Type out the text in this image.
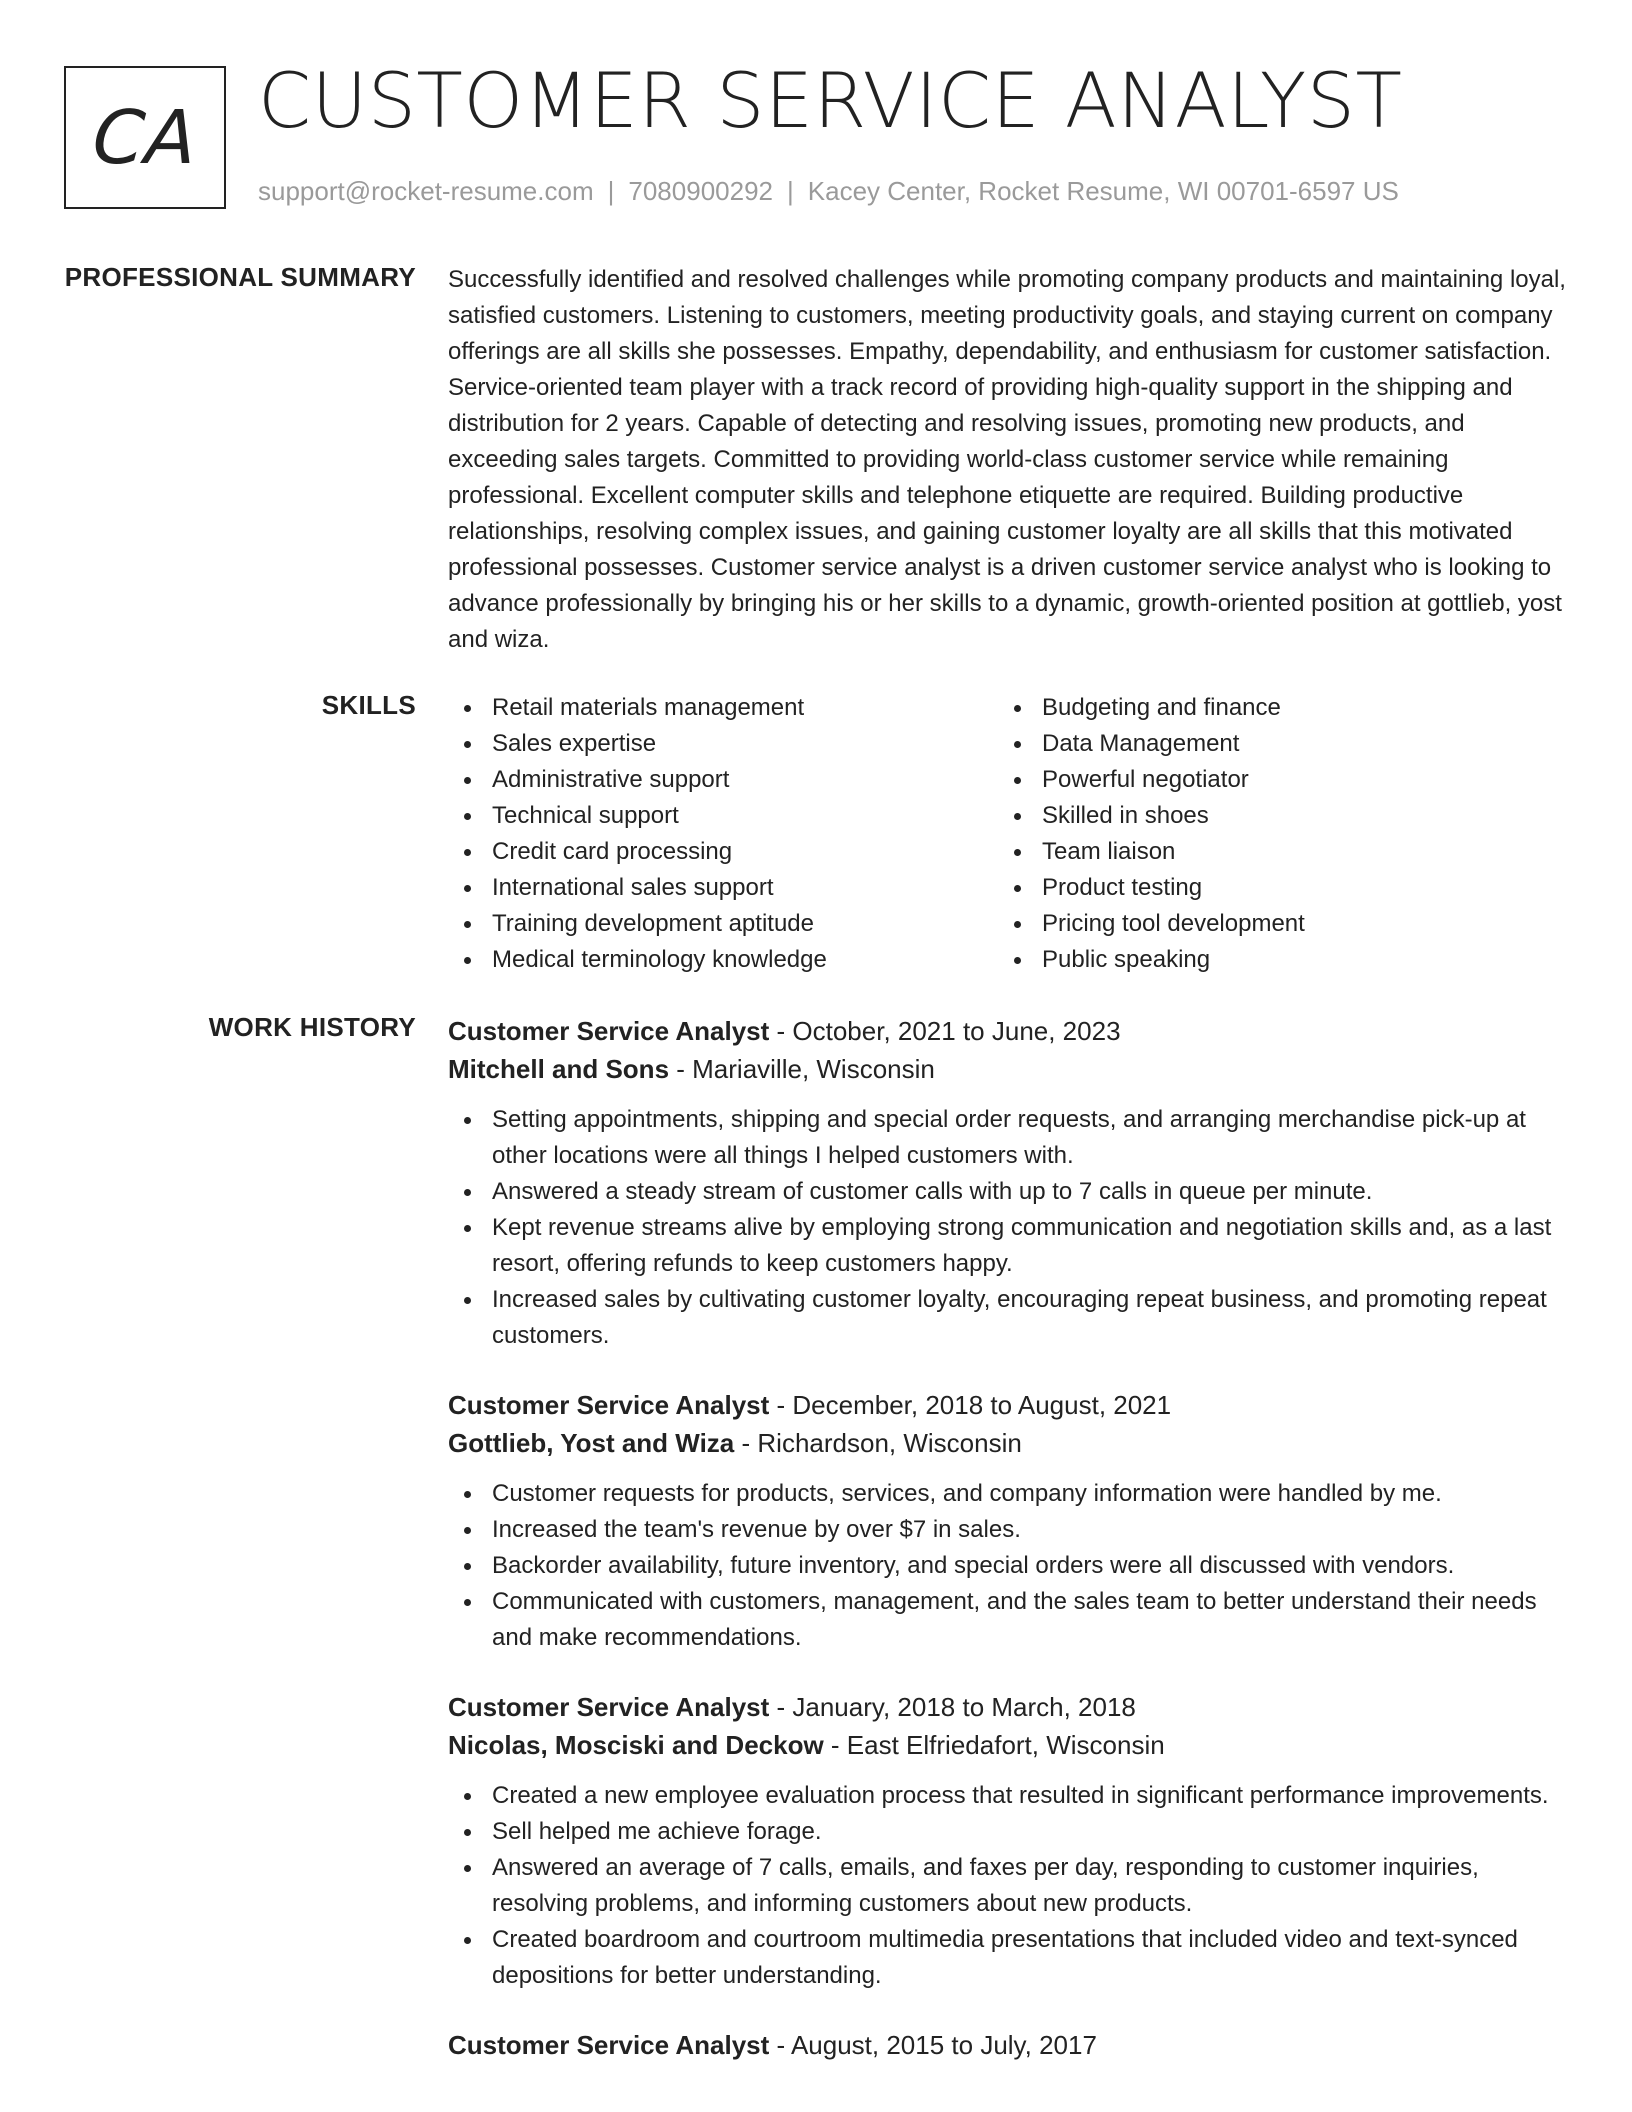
CA CUSTOMER SERVICE ANALYST
support@rocket-resume.com | 7080900292 | Kacey Center, Rocket Resume, WI 00701-6597 US
PROFESSIONAL SUMMARY Successfully identified and resolved challenges while promoting company products and maintaining loyal, satisfied customers. Listening to customers, meeting productivity goals, and staying current on company offerings are all skills she possesses. Empathy, dependability, and enthusiasm for customer satisfaction. Service-oriented team player with a track record of providing high-quality support in the shipping and distribution for 2 years. Capable of detecting and resolving issues, promoting new products, and exceeding sales targets. Committed to providing world-class customer service while remaining professional. Excellent computer skills and telephone etiquette are required. Building productive relationships, resolving complex issues, and gaining customer loyalty are all skills that this motivated professional possesses. Customer service analyst is a driven customer service analyst who is looking to advance professionally by bringing his or her skills to a dynamic, growth-oriented position at gottlieb, yost and wiza.

SKILLS	Retail materials management
Sales expertise
Administrative support
Technical support
Credit card processing
International sales support
Training development aptitude
Medical terminology knowledge
Budgeting and finance
Data Management
Powerful negotiator
Skilled in shoes
Team liaison
Product testing
Pricing tool development
Public speaking
WORK HISTORY Customer Service Analyst - October, 2021 to June, 2023
Mitchell and Sons - Mariaville, Wisconsin
Setting appointments, shipping and special order requests, and arranging merchandise pick-up at other locations were all things I helped customers with.
Answered a steady stream of customer calls with up to 7 calls in queue per minute.
Kept revenue streams alive by employing strong communication and negotiation skills and, as a last resort, offering refunds to keep customers happy.
Increased sales by cultivating customer loyalty, encouraging repeat business, and promoting repeat customers.
Customer Service Analyst - December, 2018 to August, 2021
Gottlieb, Yost and Wiza - Richardson, Wisconsin
Customer requests for products, services, and company information were handled by me.
Increased the team's revenue by over $7 in sales.
Backorder availability, future inventory, and special orders were all discussed with vendors.
Communicated with customers, management, and the sales team to better understand their needs and make recommendations.
Customer Service Analyst - January, 2018 to March, 2018
Nicolas, Mosciski and Deckow - East Elfriedafort, Wisconsin
Created a new employee evaluation process that resulted in significant performance improvements.
Sell helped me achieve forage.
Answered an average of 7 calls, emails, and faxes per day, responding to customer inquiries, resolving problems, and informing customers about new products.
Created boardroom and courtroom multimedia presentations that included video and text-synced depositions for better understanding.
Customer Service Analyst - August, 2015 to July, 2017
